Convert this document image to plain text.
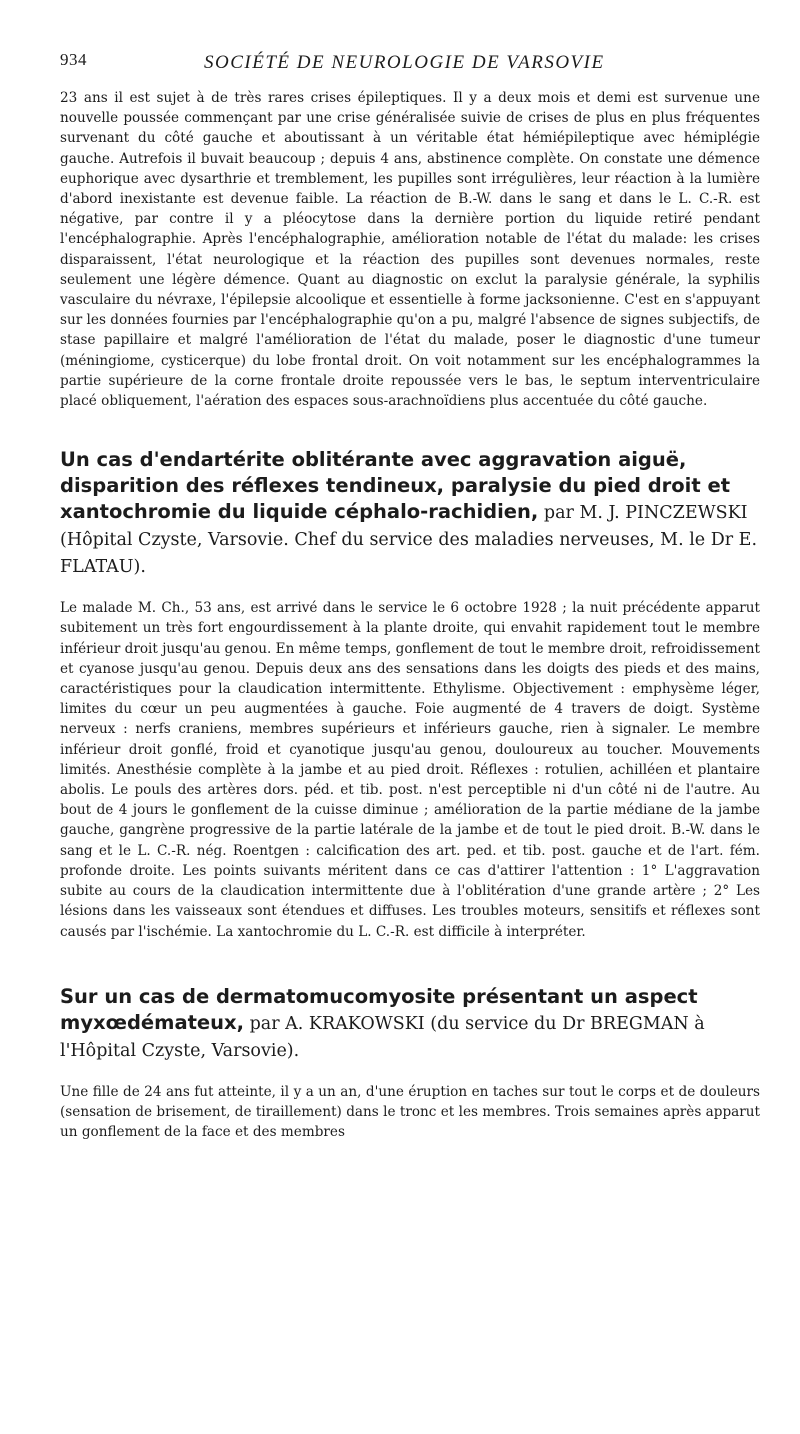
934	SOCIÉTÉ DE NEUROLOGIE DE VARSOVIE

23 ans il est sujet à de très rares crises épileptiques. Il y a deux mois et demi est survenue une nouvelle poussée commençant par une crise généralisée suivie de crises de plus en plus fréquentes survenant du côté gauche et aboutissant à un véritable état hémiépileptique avec hémiplégie gauche. Autrefois il buvait beaucoup ; depuis 4 ans, abstinence complète. On constate une démence euphorique avec dysarthrie et tremblement, les pupilles sont irrégulières, leur réaction à la lumière d'abord inexistante est devenue faible. La réaction de B.-W. dans le sang et dans le L. C.-R. est négative, par contre il y a pléocytose dans la dernière portion du liquide retiré pendant l'encéphalographie. Après l'encéphalographie, amélioration notable de l'état du malade: les crises disparaissent, l'état neurologique et la réaction des pupilles sont devenues normales, reste seulement une légère démence. Quant au diagnostic on exclut la paralysie générale, la syphilis vasculaire du névraxe, l'épilepsie alcoolique et essentielle à forme jacksonienne. C'est en s'appuyant sur les données fournies par l'encéphalographie qu'on a pu, malgré l'absence de signes subjectifs, de stase papillaire et malgré l'amélioration de l'état du malade, poser le diagnostic d'une tumeur (méningiome, cysticerque) du lobe frontal droit. On voit notamment sur les encéphalogrammes la partie supérieure de la corne frontale droite repoussée vers le bas, le septum interventriculaire placé obliquement, l'aération des espaces sous-arachnoïdiens plus accentuée du côté gauche.

Un cas d'endartérite oblitérante avec aggravation aiguë, disparition des réflexes tendineux, paralysie du pied droit et xantochromie du liquide céphalo-rachidien, par M. J. PINCZEWSKI (Hôpital Czyste, Varsovie. Chef du service des maladies nerveuses, M. le Dr E. FLATAU).

Le malade M. Ch., 53 ans, est arrivé dans le service le 6 octobre 1928 ; la nuit précédente apparut subitement un très fort engourdissement à la plante droite, qui envahit rapidement tout le membre inférieur droit jusqu'au genou. En même temps, gonflement de tout le membre droit, refroidissement et cyanose jusqu'au genou. Depuis deux ans des sensations dans les doigts des pieds et des mains, caractéristiques pour la claudication intermittente. Ethylisme. Objectivement : emphysème léger, limites du cœur un peu augmentées à gauche. Foie augmenté de 4 travers de doigt. Système nerveux : nerfs craniens, membres supérieurs et inférieurs gauche, rien à signaler. Le membre inférieur droit gonflé, froid et cyanotique jusqu'au genou, douloureux au toucher. Mouvements limités. Anesthésie complète à la jambe et au pied droit. Réflexes : rotulien, achilléen et plantaire abolis. Le pouls des artères dors. péd. et tib. post. n'est perceptible ni d'un côté ni de l'autre. Au bout de 4 jours le gonflement de la cuisse diminue ; amélioration de la partie médiane de la jambe gauche, gangrène progressive de la partie latérale de la jambe et de tout le pied droit. B.-W. dans le sang et le L. C.-R. nég. Roentgen : calcification des art. ped. et tib. post. gauche et de l'art. fém. profonde droite. Les points suivants méritent dans ce cas d'attirer l'attention : 1° L'aggravation subite au cours de la claudication intermittente due à l'oblitération d'une grande artère ; 2° Les lésions dans les vaisseaux sont étendues et diffuses. Les troubles moteurs, sensitifs et réflexes sont causés par l'ischémie. La xantochromie du L. C.-R. est difficile à interpréter.

Sur un cas de dermatomucomyosite présentant un aspect myxœdémateux, par A. KRAKOWSKI (du service du Dr BREGMAN à l'Hôpital Czyste, Varsovie).

Une fille de 24 ans fut atteinte, il y a un an, d'une éruption en taches sur tout le corps et de douleurs (sensation de brisement, de tiraillement) dans le tronc et les membres. Trois semaines après apparut un gonflement de la face et des membres
